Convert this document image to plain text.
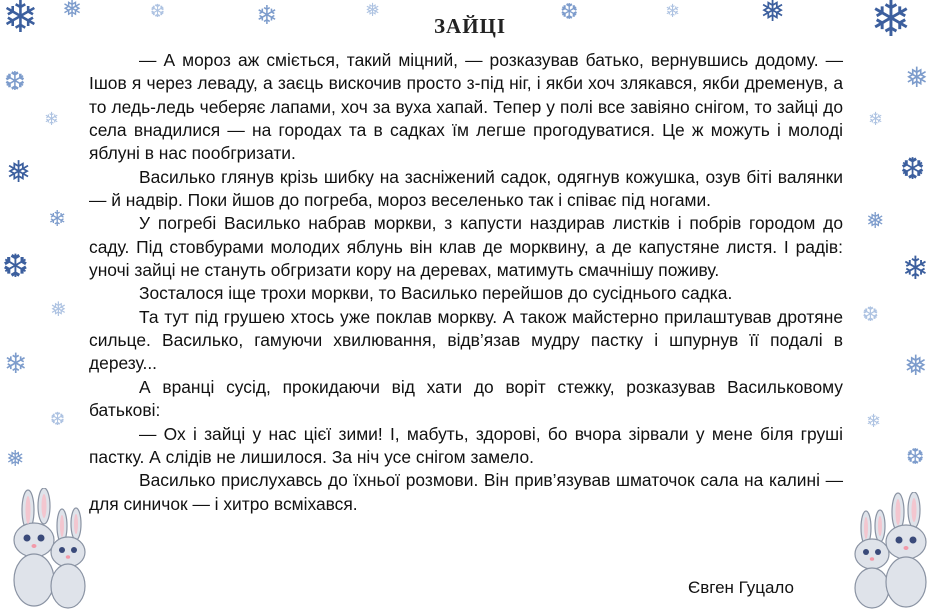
❄ ❅	❆	❄	❅	❆	❄	❅ ❄
❆
❄
❅
❄
❆
❅
❄
❆
❅
❅
❄
❆
❅
❄
❆
❅
❄
❆
ЗАЙЦІ

— А мороз аж сміється, такий міцний, — розказував батько, вернувшись додому. — Ішов я через леваду, а заєць вискочив просто з-під ніг, і якби хоч злякався, якби дременув, а то ледь-ледь чеберяє лапами, хоч за вуха хапай. Тепер у полі все завіяно снігом, то зайці до села внадилися — на городах та в садках їм легше прогодуватися. Це ж можуть і молоді яблуні в нас пообгризати.

Василько глянув крізь шибку на засніжений садок, одягнув кожушка, озув біті валянки — й надвір. Поки йшов до погреба, мороз веселенько так і співає під ногами.

У погребі Василько набрав моркви, з капусти наздирав листків і побрів городом до саду. Під стовбурами молодих яблунь він клав де морквину, а де капустяне листя. І радів: уночі зайці не стануть обгризати кору на деревах, матимуть смачнішу поживу.

Зосталося іще трохи моркви, то Василько перейшов до сусіднього садка.

Та тут під грушею хтось уже поклав моркву. А також майстерно прилаштував дротяне сильце. Василько, гамуючи хвилювання, відв’язав мудру пастку і шпурнув її подалі в дерезу...

А вранці сусід, прокидаючи від хати до воріт стежку, розказував Васильковому батькові:

— Ох і зайці у нас цієї зими! І, мабуть, здорові, бо вчора зірвали у мене біля груші пастку. А слідів не лишилося. За ніч усе снігом замело.

Василько прислухавсь до їхньої розмови. Він прив’язував шматочок сала на калині — для синичок — і хитро всміхався.

Євген Гуцало
